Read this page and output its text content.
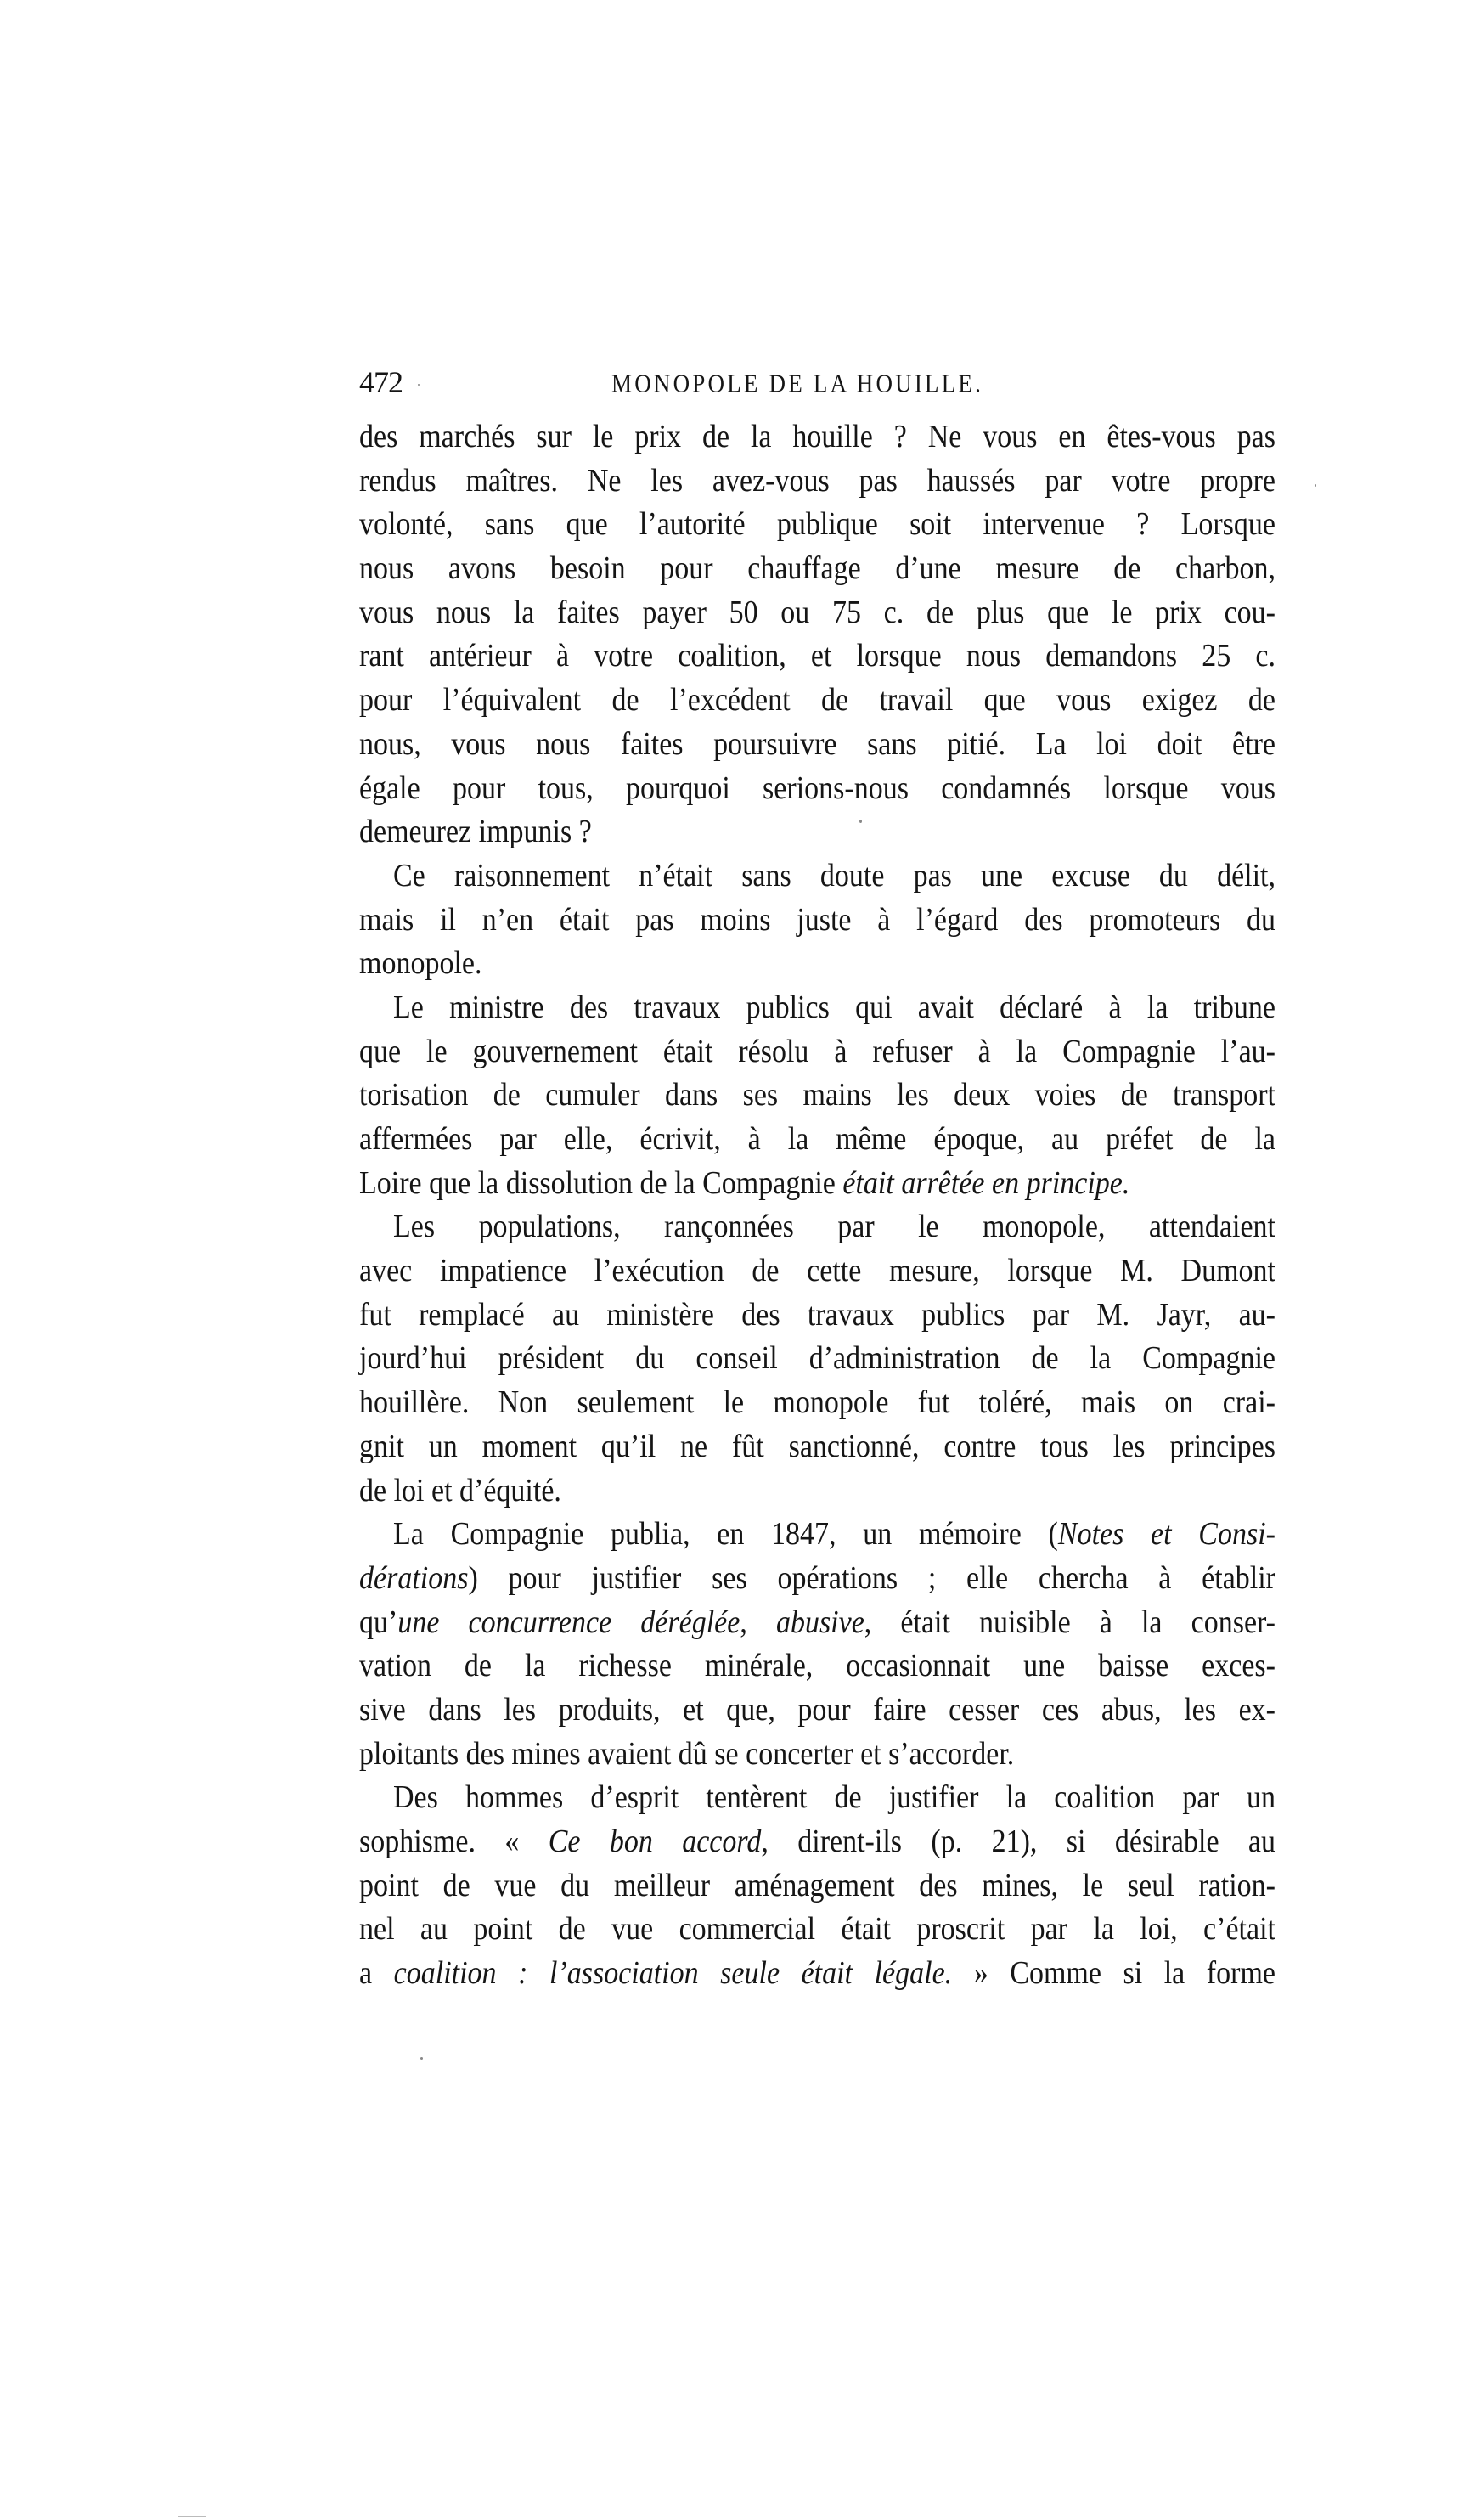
472	MONOPOLE DE LA HOUILLE.
des marchés sur le prix de la houille ? Ne vous en êtes-vous pas
rendus maîtres. Ne les avez-vous pas haussés par votre propre
volonté, sans que l’autorité publique soit intervenue ? Lorsque
nous avons besoin pour chauffage d’une mesure de charbon,
vous nous la faites payer 50 ou 75 c. de plus que le prix cou-
rant antérieur à votre coalition, et lorsque nous demandons 25 c.
pour l’équivalent de l’excédent de travail que vous exigez de
nous, vous nous faites poursuivre sans pitié. La loi doit être
égale pour tous, pourquoi serions-nous condamnés lorsque vous
demeurez impunis ?
Ce raisonnement n’était sans doute pas une excuse du délit,
mais il n’en était pas moins juste à l’égard des promoteurs du
monopole.
Le ministre des travaux publics qui avait déclaré à la tribune
que le gouvernement était résolu à refuser à la Compagnie l’au-
torisation de cumuler dans ses mains les deux voies de transport
affermées par elle, écrivit, à la même époque, au préfet de la
Loire que la dissolution de la Compagnie était arrêtée en principe.
Les populations, rançonnées par le monopole, attendaient
avec impatience l’exécution de cette mesure, lorsque M. Dumont
fut remplacé au ministère des travaux publics par M. Jayr, au-
jourd’hui président du conseil d’administration de la Compagnie
houillère. Non seulement le monopole fut toléré, mais on crai-
gnit un moment qu’il ne fût sanctionné, contre tous les principes
de loi et d’équité.
La Compagnie publia, en 1847, un mémoire (Notes et Consi-
dérations) pour justifier ses opérations ; elle chercha à établir
qu’une concurrence déréglée, abusive, était nuisible à la conser-
vation de la richesse minérale, occasionnait une baisse exces-
sive dans les produits, et que, pour faire cesser ces abus, les ex-
ploitants des mines avaient dû se concerter et s’accorder.
Des hommes d’esprit tentèrent de justifier la coalition par un
sophisme. « Ce bon accord, dirent-ils (p. 21), si désirable au
point de vue du meilleur aménagement des mines, le seul ration-
nel au point de vue commercial était proscrit par la loi, c’était
a coalition : l’association seule était légale. » Comme si la forme
